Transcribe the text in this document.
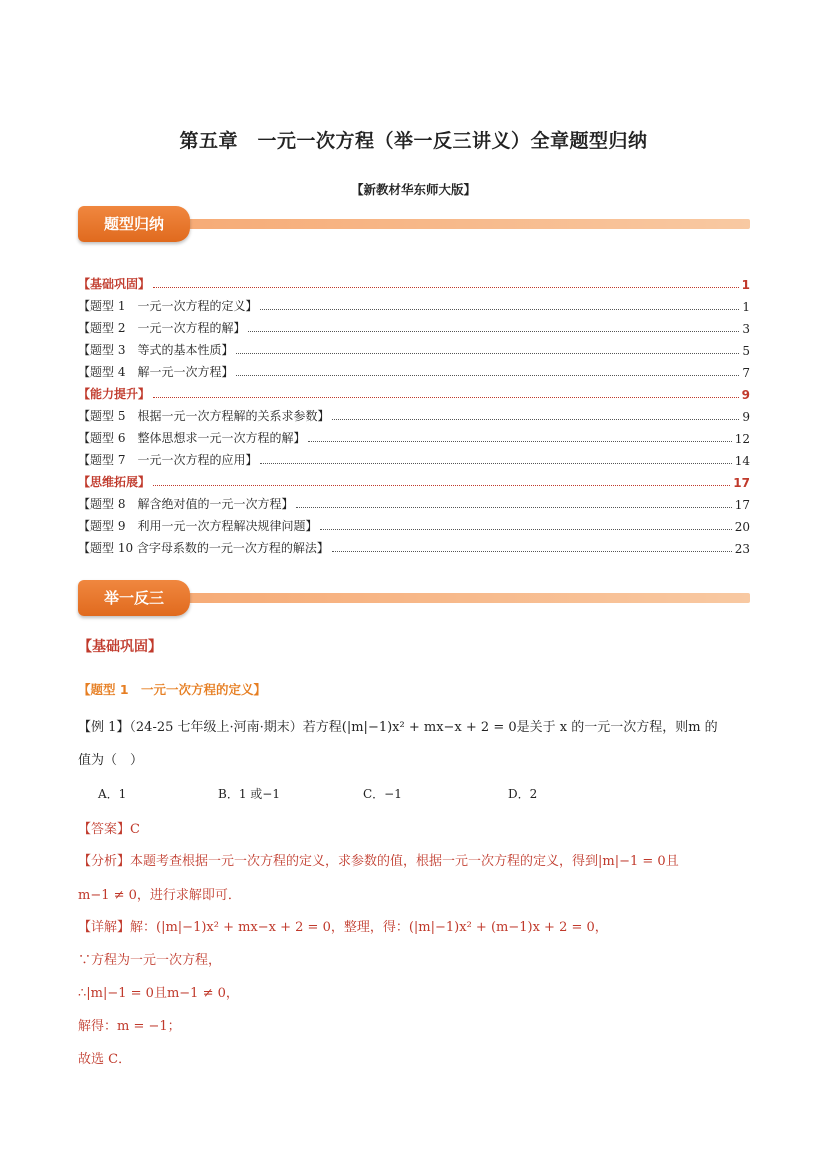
第五章　一元一次方程（举一反三讲义）全章题型归纳
【新教材华东师大版】
题型归纳
【基础巩固】	1
【题型 1　一元一次方程的定义】	1
【题型 2　一元一次方程的解】	3
【题型 3　等式的基本性质】	5
【题型 4　解一元一次方程】	7
【能力提升】	9
【题型 5　根据一元一次方程解的关系求参数】	9
【题型 6　整体思想求一元一次方程的解】	12
【题型 7　一元一次方程的应用】	14
【思维拓展】	17
【题型 8　解含绝对值的一元一次方程】	17
【题型 9　利用一元一次方程解决规律问题】	20
【题型 10 含字母系数的一元一次方程的解法】	23
举一反三
【基础巩固】
【题型 1　一元一次方程的定义】
【例 1】（24-25 七年级上·河南·期末）若方程(|m|−1)x² + mx−x + 2 = 0是关于 x 的一元一次方程，则m 的
值为（　）
A．1	B．1 或−1	C．−1	D．2
【答案】C
【分析】本题考查根据一元一次方程的定义，求参数的值，根据一元一次方程的定义，得到|m|−1 = 0且
m−1 ≠ 0，进行求解即可．
【详解】解：(|m|−1)x² + mx−x + 2 = 0，整理，得：(|m|−1)x² + (m−1)x + 2 = 0，
∵方程为一元一次方程，
∴|m|−1 = 0且m−1 ≠ 0，
解得：m = −1；
故选 C．
